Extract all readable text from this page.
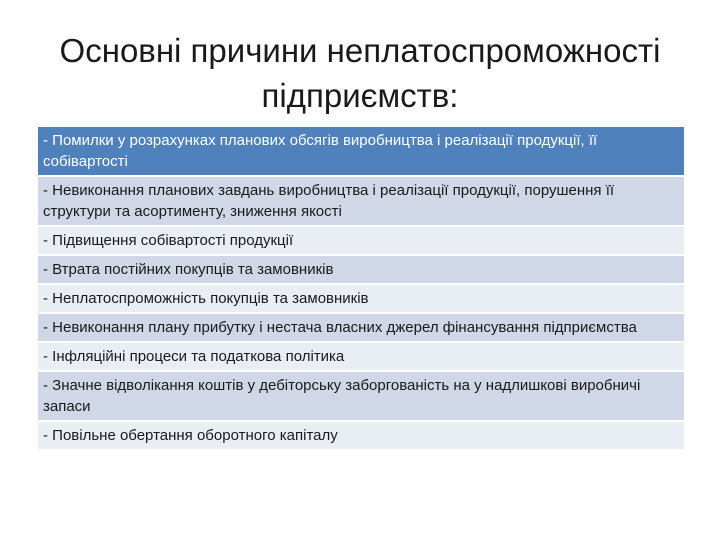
Основні причини неплатоспроможності підприємств:
- Помилки у розрахунках планових обсягів виробництва і реалізації продукції, її собівартості
- Невиконання планових завдань виробництва і реалізації продукції, порушення її структури та асортименту, зниження якості
- Підвищення собівартості продукції
- Втрата постійних покупців та замовників
- Неплатоспроможність покупців та замовників
- Невиконання плану прибутку і нестача власних джерел фінансування підприємства
- Інфляційні процеси та податкова політика
- Значне відволікання коштів у дебіторську заборгованість на у надлишкові виробничі запаси
- Повільне обертання оборотного капіталу
